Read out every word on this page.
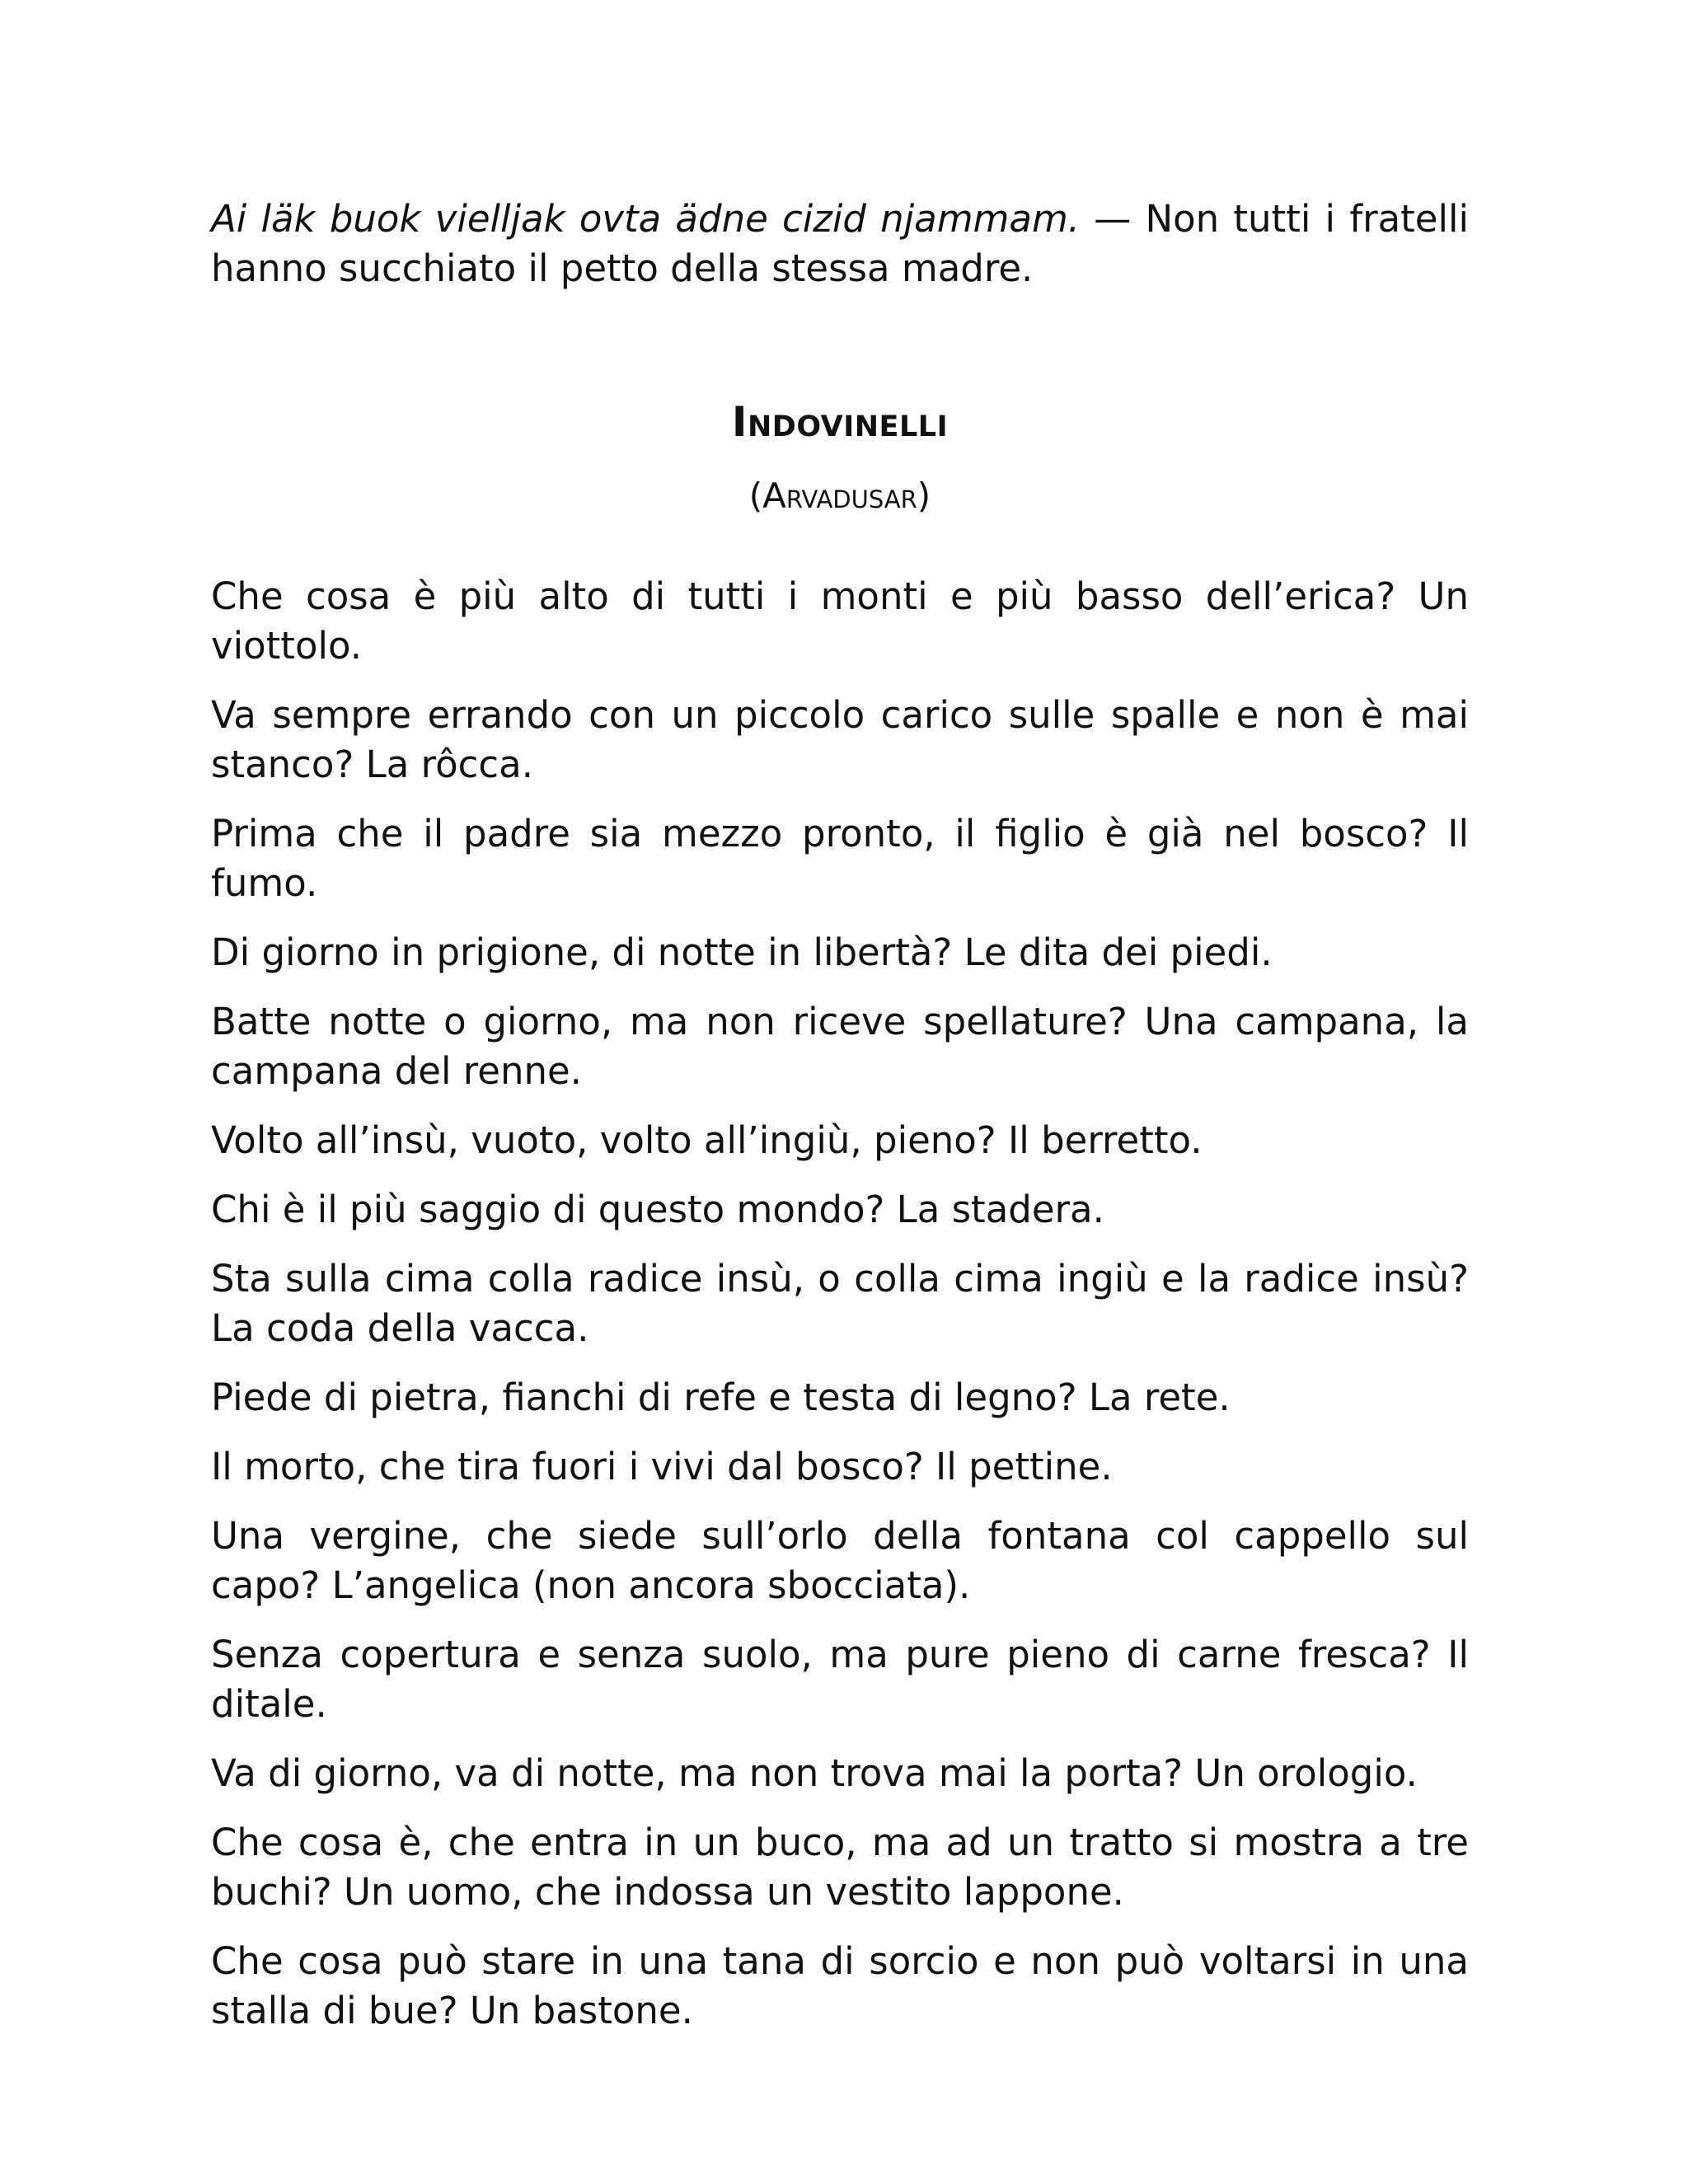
Ai läk buok vielljak ovta ädne cizid njammam. — Non tutti i fratelli hanno succhiato il petto della stessa madre.

Indovinelli
(Arvadusar)

Che cosa è più alto di tutti i monti e più basso dell’erica? Un viottolo.

Va sempre errando con un piccolo carico sulle spalle e non è mai stanco? La rôcca.

Prima che il padre sia mezzo pronto, il figlio è già nel bosco? Il fumo.

Di giorno in prigione, di notte in libertà? Le dita dei piedi.

Batte notte o giorno, ma non riceve spellature? Una campana, la campana del renne.

Volto all’insù, vuoto, volto all’ingiù, pieno? Il berretto.

Chi è il più saggio di questo mondo? La stadera.

Sta sulla cima colla radice insù, o colla cima ingiù e la radice insù? La coda della vacca.

Piede di pietra, fianchi di refe e testa di legno? La rete.

Il morto, che tira fuori i vivi dal bosco? Il pettine.

Una vergine, che siede sull’orlo della fontana col cappello sul capo? L’angelica (non ancora sbocciata).

Senza copertura e senza suolo, ma pure pieno di carne fresca? Il ditale.

Va di giorno, va di notte, ma non trova mai la porta? Un orologio.

Che cosa è, che entra in un buco, ma ad un tratto si mostra a tre buchi? Un uomo, che indossa un vestito lappone.

Che cosa può stare in una tana di sorcio e non può voltarsi in una stalla di bue? Un bastone.
